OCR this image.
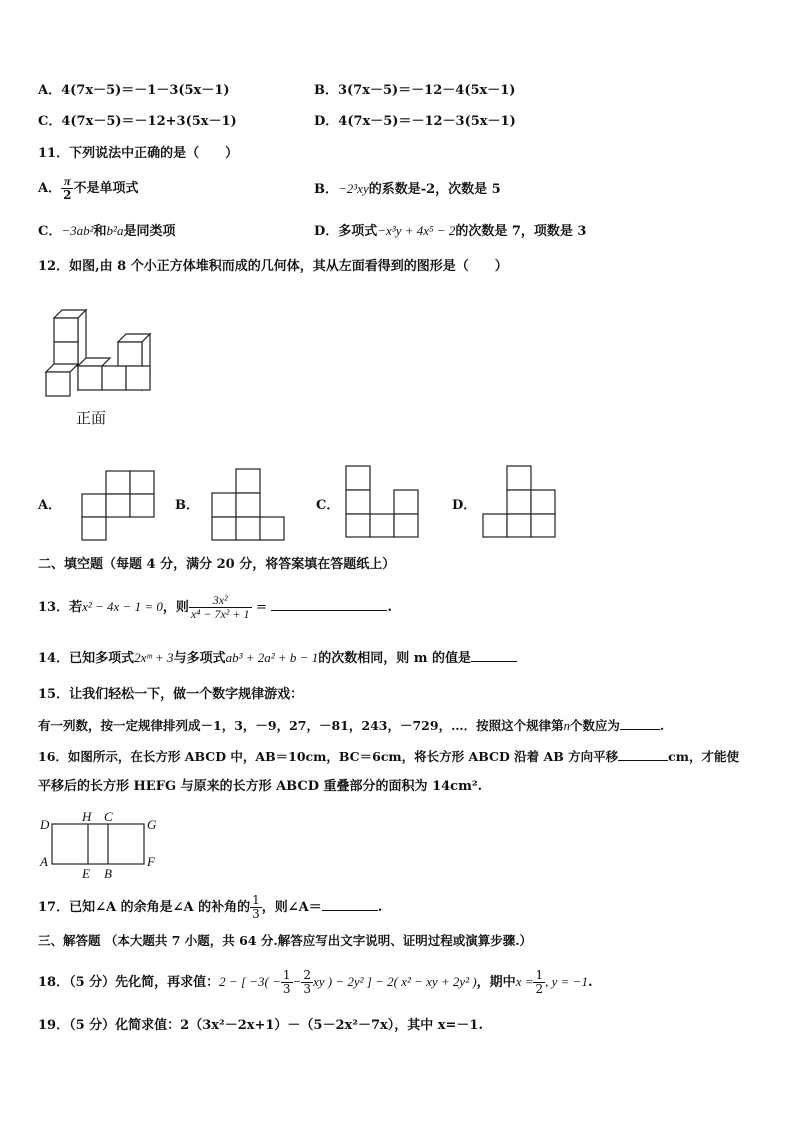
A．4(7x－5)＝－1－3(5x－1)	B．3(7x－5)＝－12－4(5x－1)
C．4(7x－5)＝－12+3(5x－1)	D．4(7x－5)＝－12－3(5x－1)
11．下列说法中正确的是（　　）
A． $\frac{\pi}{2}$ 不是单项式	B．−2³xy的系数是-2，次数是 5
C．−3ab²和b²a是同类项	D．多项式−x³y + 4x⁵ − 2的次数是 7，项数是 3
12．如图,由 8 个小正方体堆积而成的几何体，其从左面看得到的图形是（　　）
正面
A．	B．	C．	D．
二、填空题（每题 4 分，满分 20 分，将答案填在答题纸上）
13．若x² − 4x − 1 = 0，则 $\frac{\text{3x²}}{\text{x⁴ − 7x² + 1}}$ =	.
14．已知多项式2xᵐ + 3与多项式ab³ + 2a² + b − 1的次数相同，则 m 的值是
15．让我们轻松一下，做一个数字规律游戏：
有一列数，按一定规律排列成－1，3，－9，27，－81，243，－729，…．按照这个规律第n个数应为	.
16．如图所示，在长方形 ABCD 中，AB＝10cm，BC＝6cm，将长方形 ABCD 沿着 AB 方向平移	cm，才能使
平移后的长方形 HEFG 与原来的长方形 ABCD 重叠部分的面积为 14cm².
D
H C
G
A
E B
F
17．已知∠A 的余角是∠A 的补角的 $\frac{1}{3}$ ，则∠A＝	.
三、解答题 （本大题共 7 小题，共 64 分.解答应写出文字说明、证明过程或演算步骤.）
18．（5 分）先化简，再求值：2 − [ $-3( - \frac{1}{3} - \frac{2}{3}$ xy ) − 2y² ] − 2( x² − xy + 2y² )，期中$x = \frac{1}{2}$ , y = −1.
19．（5 分）化简求值：2（3x²－2x+1）－（5－2x²－7x），其中 x=－1.
